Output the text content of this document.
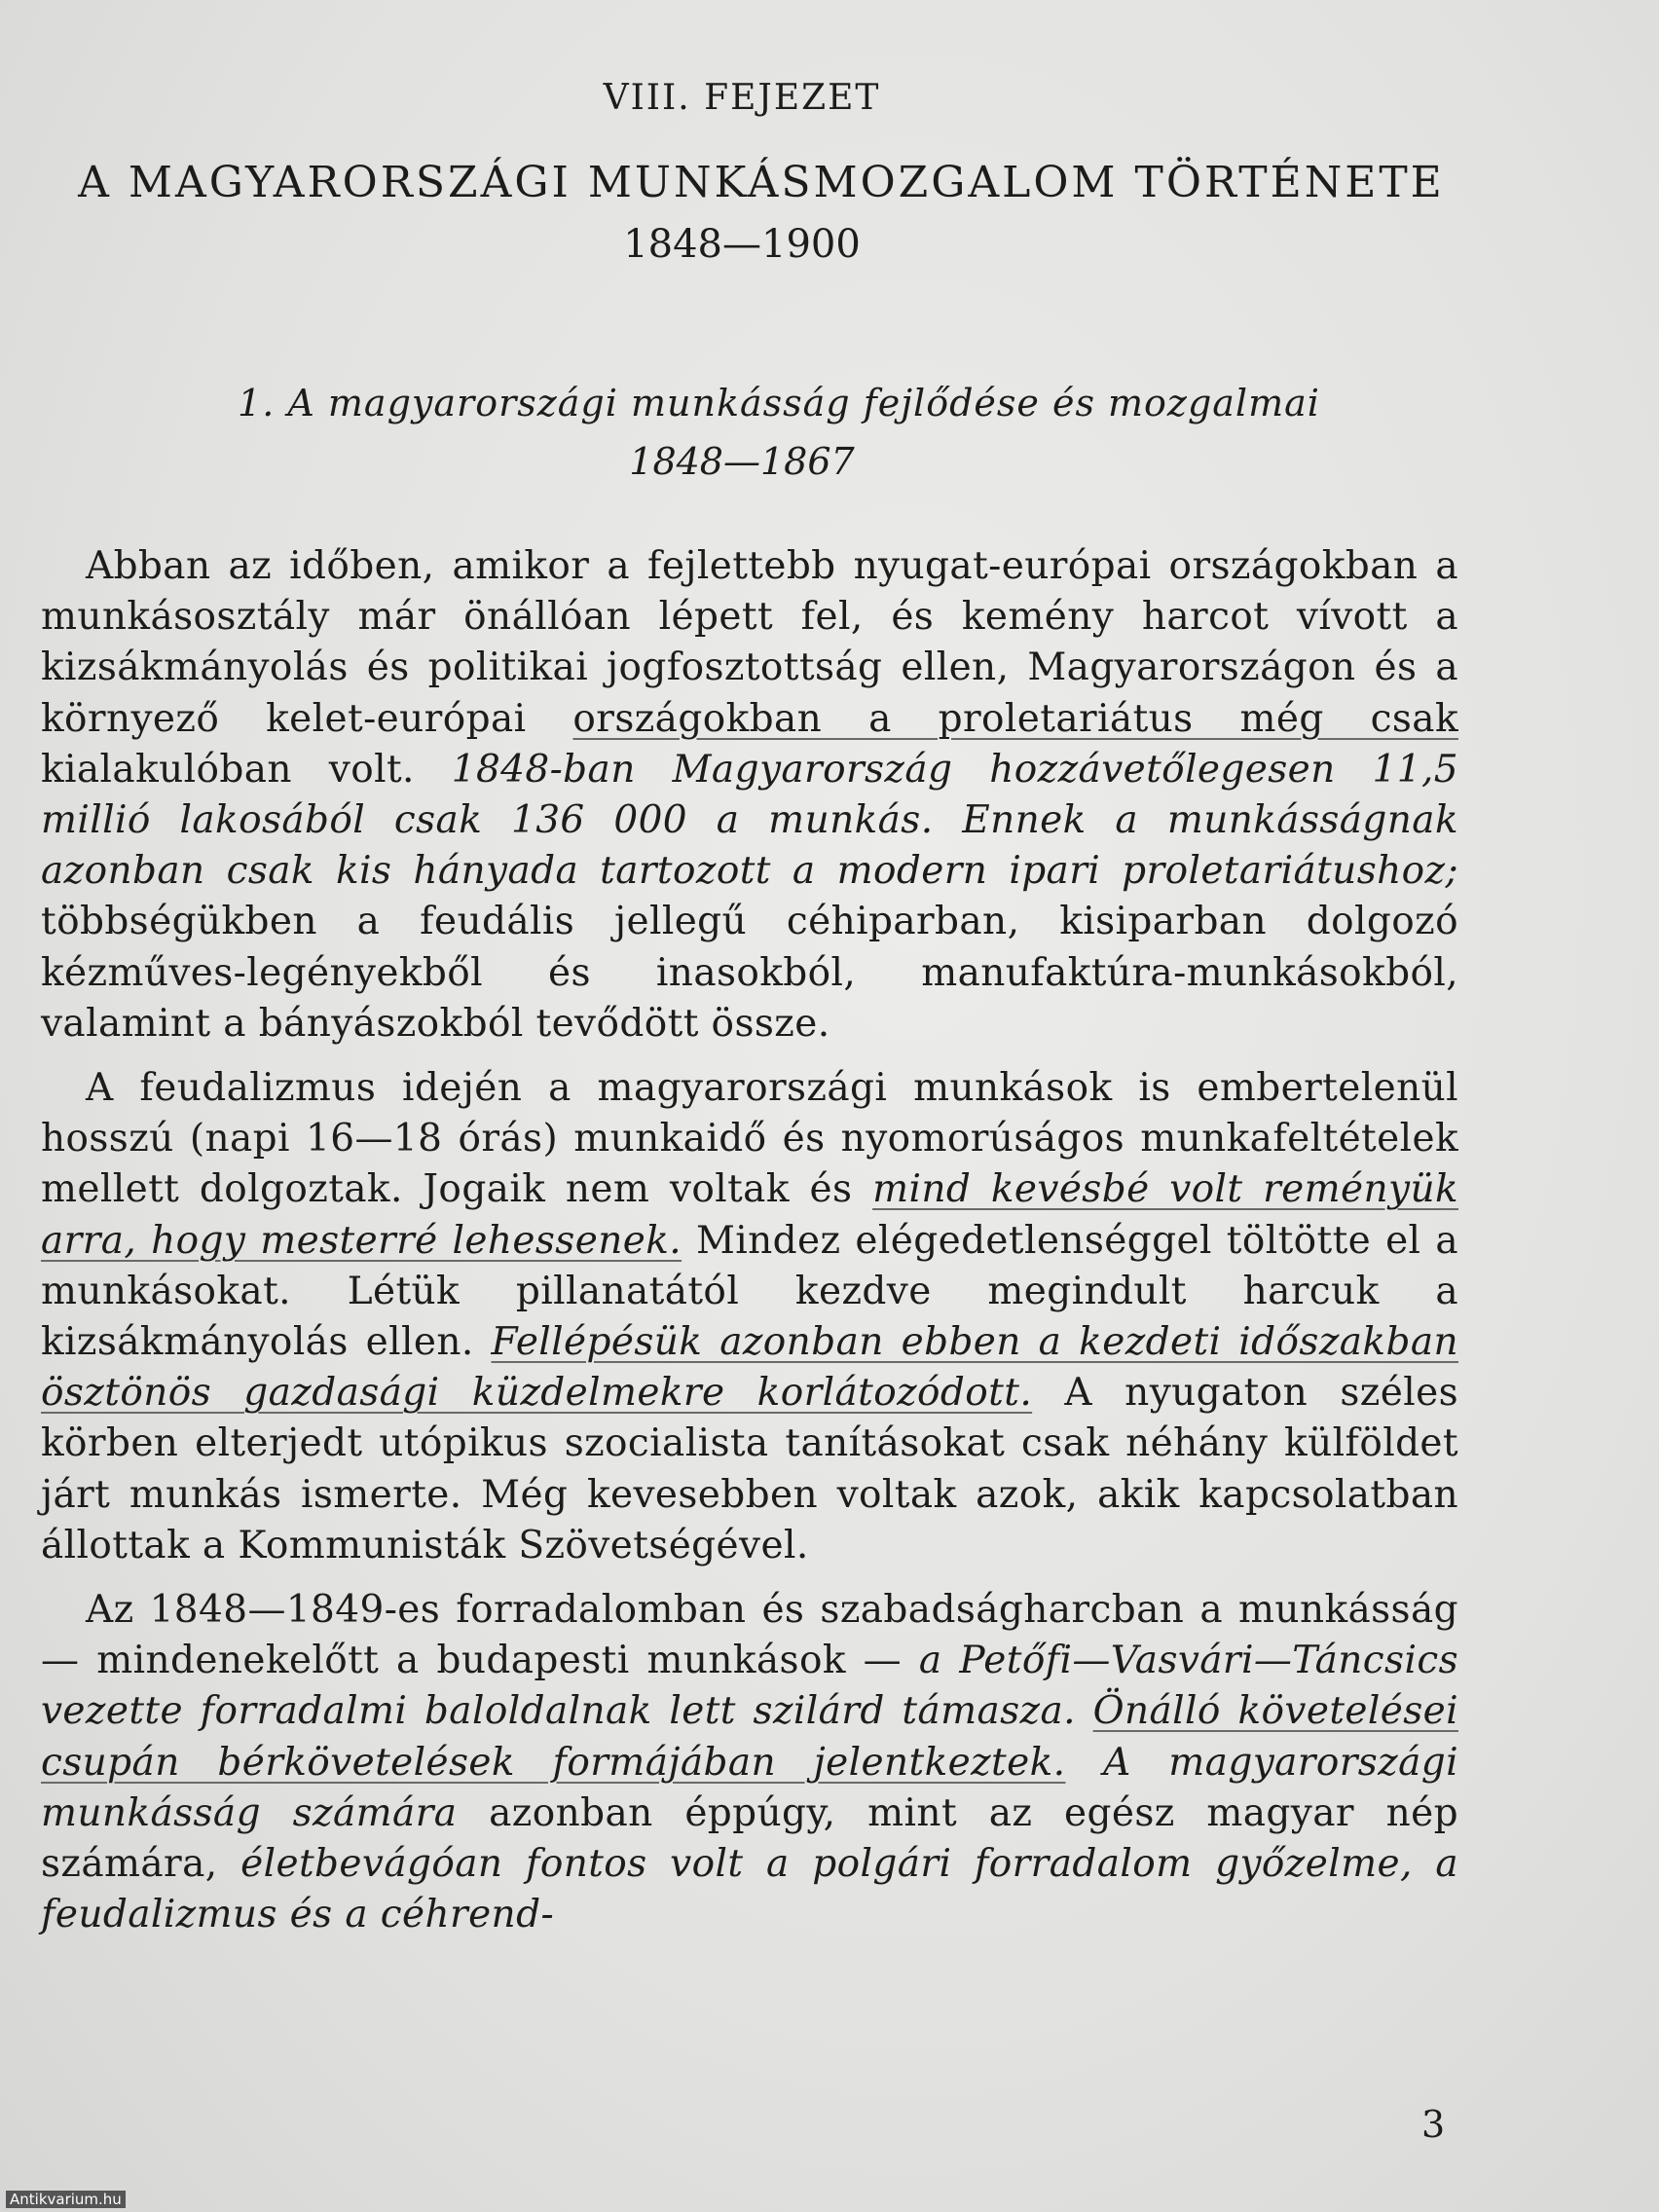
VIII. FEJEZET
A MAGYARORSZÁGI MUNKÁSMOZGALOM TÖRTÉNETE
1848—1900
1. A magyarországi munkásság fejlődése és mozgalmai
1848—1867

Abban az időben, amikor a fejlettebb nyugat-európai országokban a munkásosztály már önállóan lépett fel, és kemény harcot vívott a kizsákmányolás és politikai jogfosztottság ellen, Magyarországon és a környező kelet-európai országokban a proletariátus még csak kialakulóban volt. 1848-ban Magyarország hozzávetőlegesen 11,5 millió lakosából csak 136 000 a munkás. Ennek a munkásságnak azonban csak kis hányada tartozott a modern ipari proletariátushoz; többségükben a feudális jellegű céhiparban, kisiparban dolgozó kézműves-legényekből és inasokból, manufaktúra-munkásokból, valamint a bányászokból tevődött össze.

A feudalizmus idején a magyarországi munkások is embertelenül hosszú (napi 16—18 órás) munkaidő és nyomorúságos munkafeltételek mellett dolgoztak. Jogaik nem voltak és mind kevésbé volt reményük arra, hogy mesterré lehessenek. Mindez elégedetlenséggel töltötte el a munkásokat. Létük pillanatától kezdve megindult harcuk a kizsákmányolás ellen. Fellépésük azonban ebben a kezdeti időszakban ösztönös gazdasági küzdelmekre korlátozódott. A nyugaton széles körben elterjedt utópikus szocialista tanításokat csak néhány külföldet járt munkás ismerte. Még kevesebben voltak azok, akik kapcsolatban állottak a Kommunisták Szövetségével.

Az 1848—1849-es forradalomban és szabadságharcban a munkásság — mindenekelőtt a budapesti munkások — a Petőfi—Vasvári—Táncsics vezette forradalmi baloldalnak lett szilárd támasza. Önálló követelései csupán bérkövetelések formájában jelentkeztek. A magyarországi munkásság számára azonban éppúgy, mint az egész magyar nép számára, életbevágóan fontos volt a polgári forradalom győzelme, a feudalizmus és a céhrend-

3
Antikvarium.hu
